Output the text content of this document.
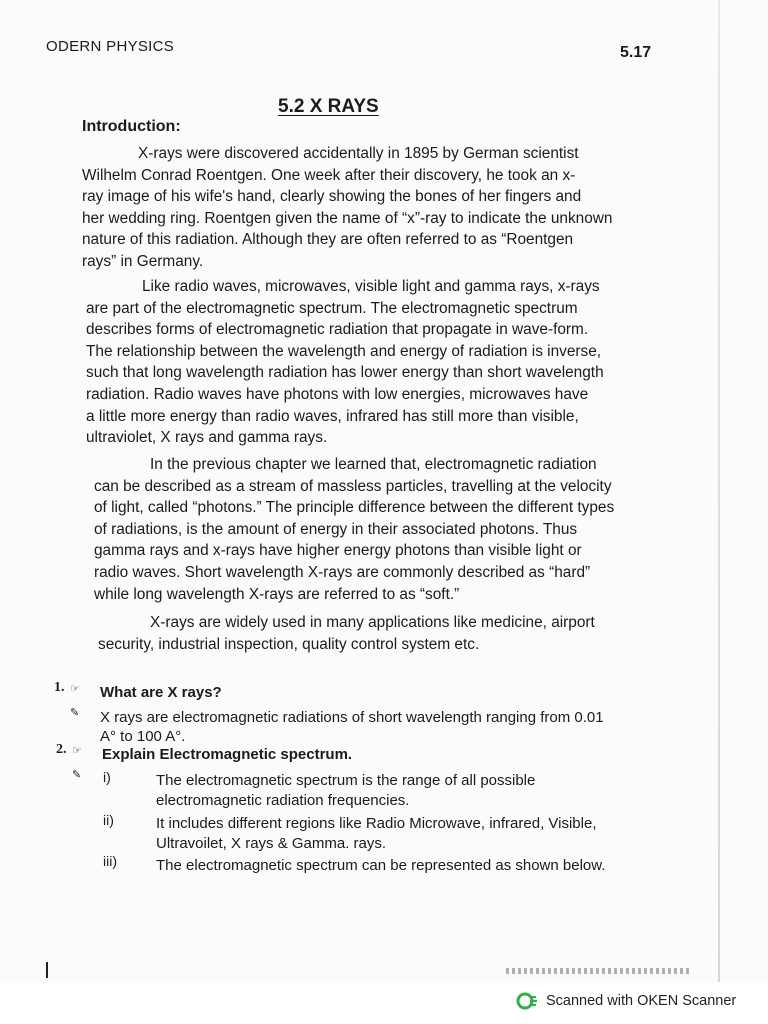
ODERN PHYSICS	5.17
5.2 X RAYS
Introduction:
X-rays were discovered accidentally in 1895 by German scientist
Wilhelm Conrad Roentgen. One week after their discovery, he took an x-
ray image of his wife's hand, clearly showing the bones of her fingers and
her wedding ring. Roentgen given the name of “x”-ray to indicate the unknown
nature of this radiation. Although they are often referred to as “Roentgen
rays” in Germany.
Like radio waves, microwaves, visible light and gamma rays, x-rays
are part of the electromagnetic spectrum. The electromagnetic spectrum
describes forms of electromagnetic radiation that propagate in wave-form.
The relationship between the wavelength and energy of radiation is inverse,
such that long wavelength radiation has lower energy than short wavelength
radiation. Radio waves have photons with low energies, microwaves have
a little more energy than radio waves, infrared has still more than visible,
ultraviolet, X rays and gamma rays.
In the previous chapter we learned that, electromagnetic radiation
can be described as a stream of massless particles, travelling at the velocity
of light, called “photons.” The principle difference between the different types
of radiations, is the amount of energy in their associated photons. Thus
gamma rays and x-rays have higher energy photons than visible light or
radio waves. Short wavelength X-rays are commonly described as “hard”
while long wavelength X-rays are referred to as “soft.”
X-rays are widely used in many applications like medicine, airport
security, industrial inspection, quality control system etc.
1. ☞ What are X rays?
✎ X rays are electromagnetic radiations of short wavelength ranging from 0.01
A° to 100 A°.
2. ☞ Explain Electromagnetic spectrum.
✎ i)	The electromagnetic spectrum is the range of all possible
electromagnetic radiation frequencies.
ii)	It includes different regions like Radio Microwave, infrared, Visible,
Ultravoilet, X rays & Gamma. rays.
iii)	The electromagnetic spectrum can be represented as shown below.
Scanned with OKEN Scanner
